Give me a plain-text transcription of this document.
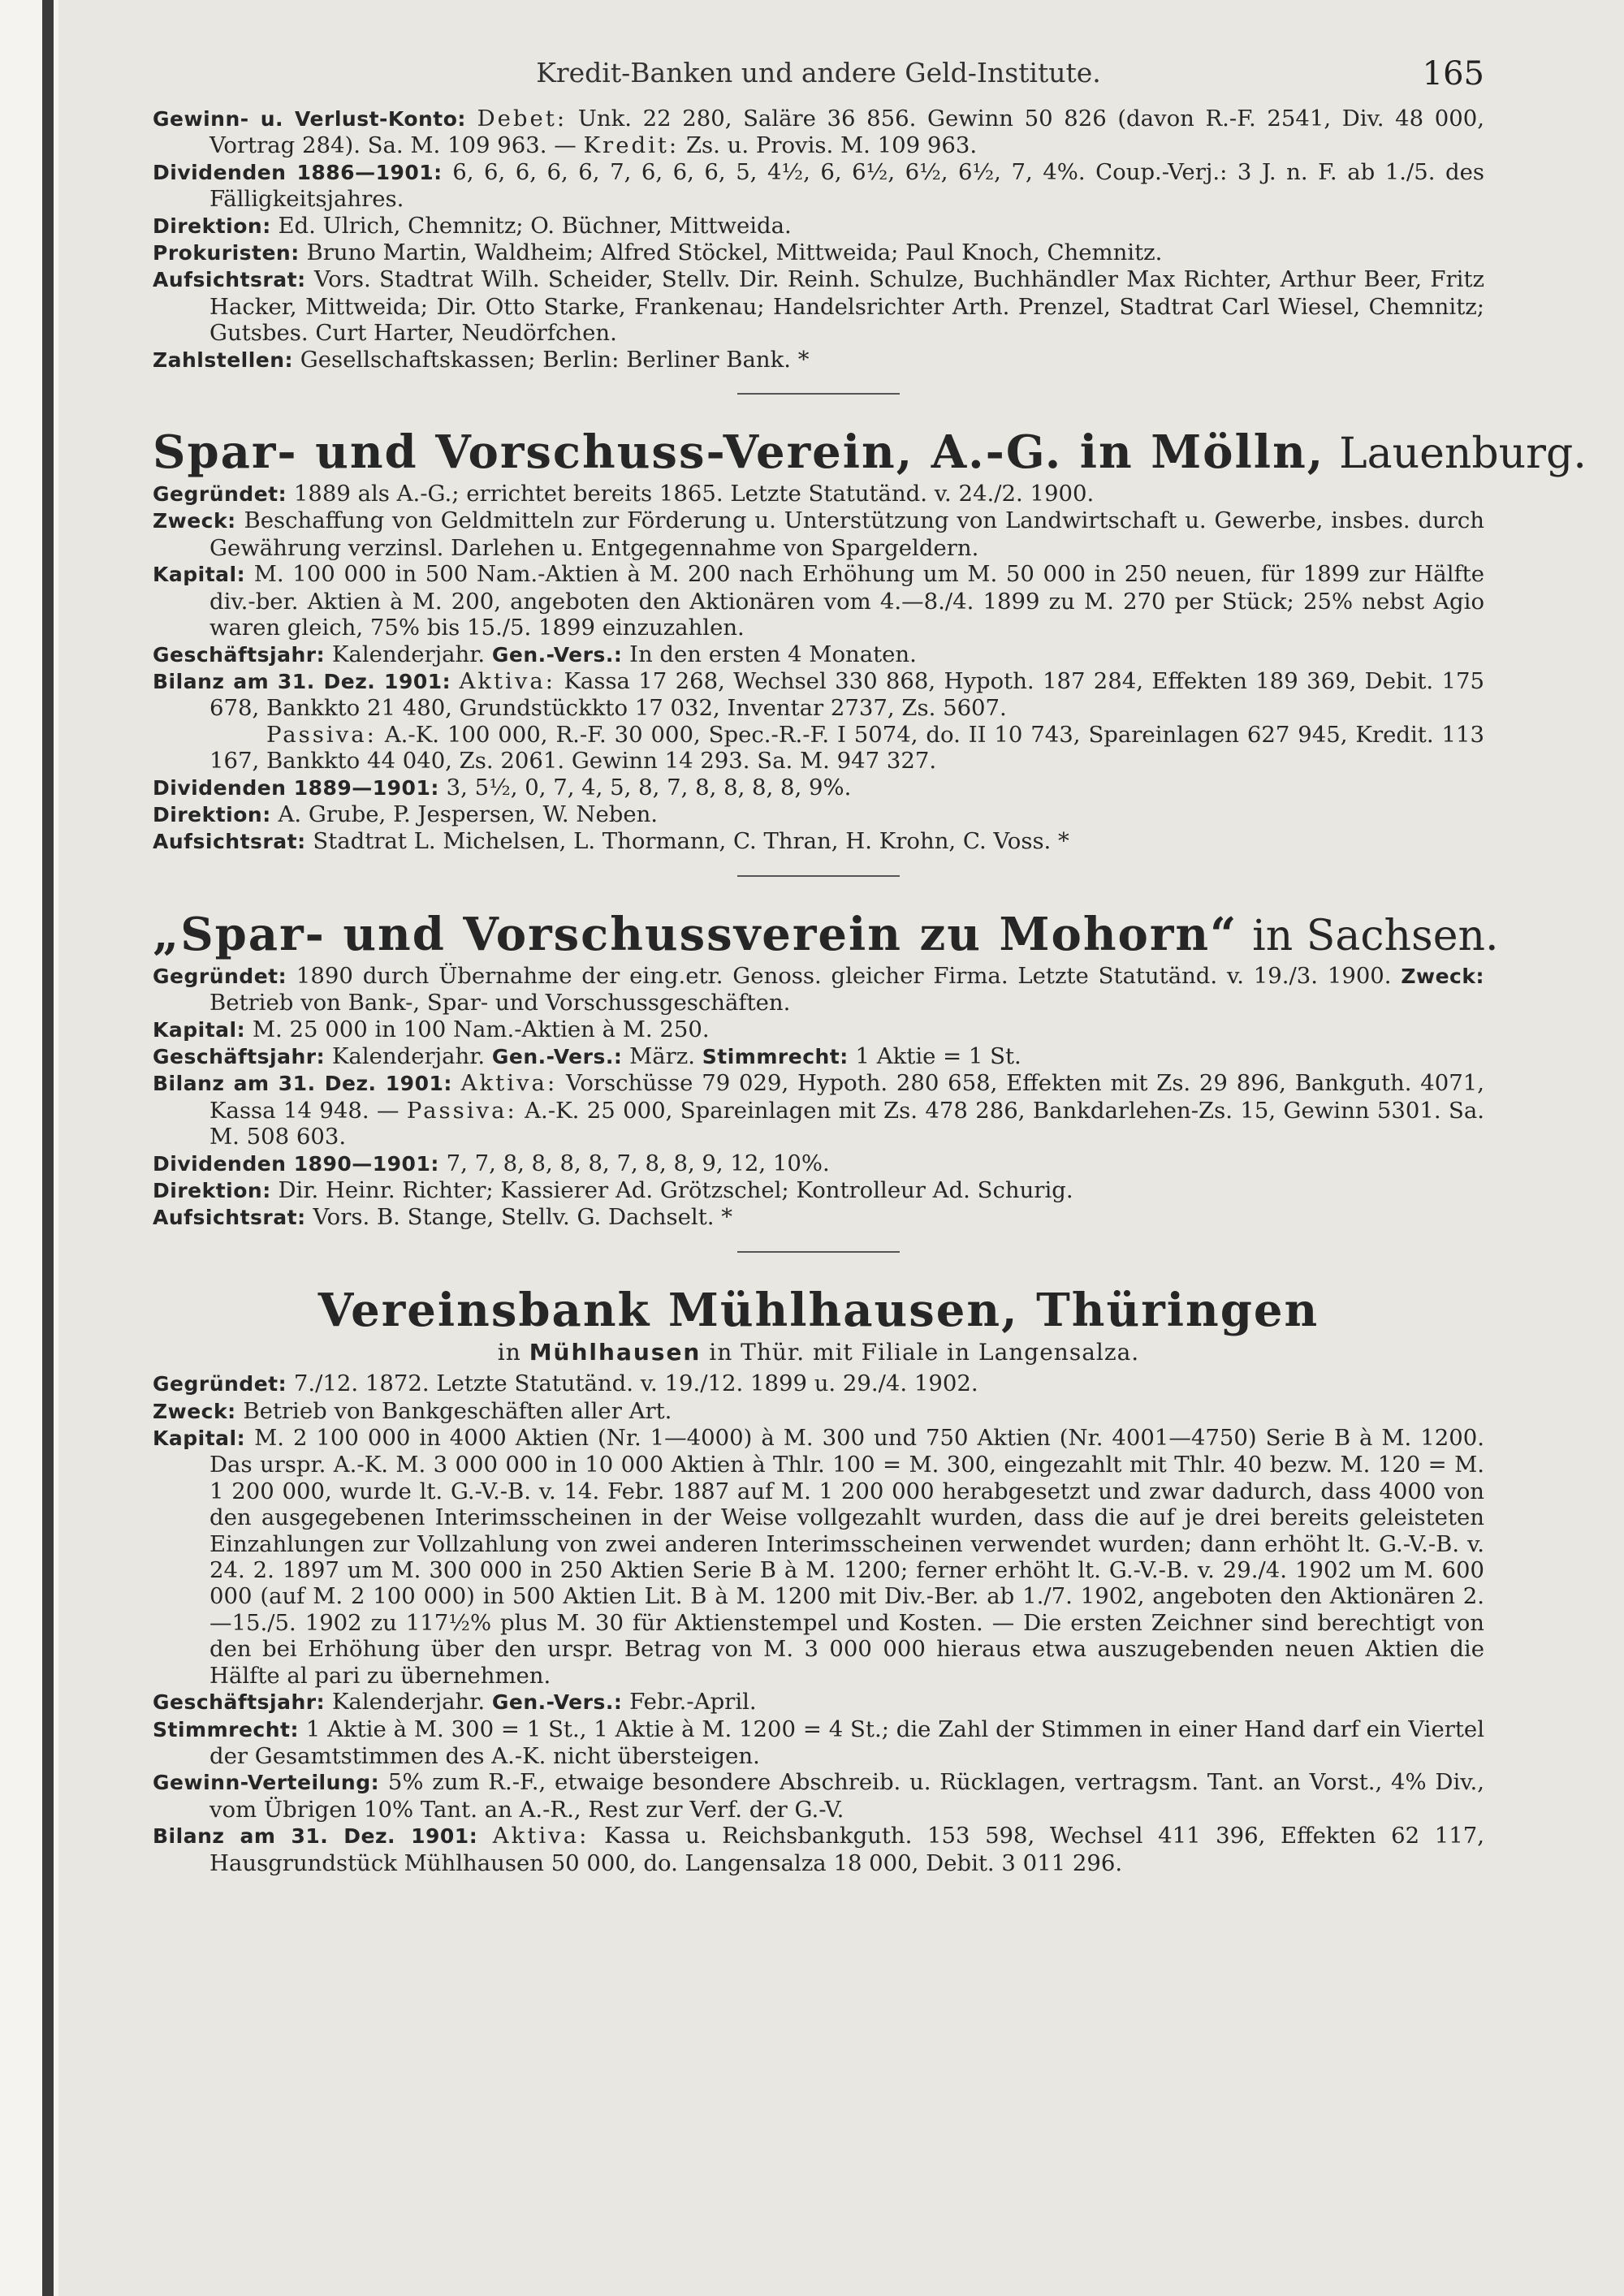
Kredit-Banken und andere Geld-Institute.	165

Gewinn- u. Verlust-Konto: Debet: Unk. 22 280, Saläre 36 856. Gewinn 50 826 (davon R.-F. 2541, Div. 48 000, Vortrag 284). Sa. M. 109 963. — Kredit: Zs. u. Provis. M. 109 963.

Dividenden 1886—1901: 6, 6, 6, 6, 6, 7, 6, 6, 6, 5, 4½, 6, 6½, 6½, 6½, 7, 4%. Coup.-Verj.: 3 J. n. F. ab 1./5. des Fälligkeitsjahres.

Direktion: Ed. Ulrich, Chemnitz; O. Büchner, Mittweida.

Prokuristen: Bruno Martin, Waldheim; Alfred Stöckel, Mittweida; Paul Knoch, Chemnitz.

Aufsichtsrat: Vors. Stadtrat Wilh. Scheider, Stellv. Dir. Reinh. Schulze, Buchhändler Max Richter, Arthur Beer, Fritz Hacker, Mittweida; Dir. Otto Starke, Frankenau; Handelsrichter Arth. Prenzel, Stadtrat Carl Wiesel, Chemnitz; Gutsbes. Curt Harter, Neudörfchen.

Zahlstellen: Gesellschaftskassen; Berlin: Berliner Bank. *

Spar- und Vorschuss-Verein, A.-G. in Mölln, Lauenburg.

Gegründet: 1889 als A.-G.; errichtet bereits 1865. Letzte Statutänd. v. 24./2. 1900.

Zweck: Beschaffung von Geldmitteln zur Förderung u. Unterstützung von Landwirtschaft u. Gewerbe, insbes. durch Gewährung verzinsl. Darlehen u. Entgegennahme von Spargeldern.

Kapital: M. 100 000 in 500 Nam.-Aktien à M. 200 nach Erhöhung um M. 50 000 in 250 neuen, für 1899 zur Hälfte div.-ber. Aktien à M. 200, angeboten den Aktionären vom 4.—8./4. 1899 zu M. 270 per Stück; 25% nebst Agio waren gleich, 75% bis 15./5. 1899 einzuzahlen.

Geschäftsjahr: Kalenderjahr. Gen.-Vers.: In den ersten 4 Monaten.

Bilanz am 31. Dez. 1901: Aktiva: Kassa 17 268, Wechsel 330 868, Hypoth. 187 284, Effekten 189 369, Debit. 175 678, Bankkto 21 480, Grundstückkto 17 032, Inventar 2737, Zs. 5607.

Passiva: A.-K. 100 000, R.-F. 30 000, Spec.-R.-F. I 5074, do. II 10 743, Spareinlagen 627 945, Kredit. 113 167, Bankkto 44 040, Zs. 2061. Gewinn 14 293. Sa. M. 947 327.

Dividenden 1889—1901: 3, 5½, 0, 7, 4, 5, 8, 7, 8, 8, 8, 8, 9%.

Direktion: A. Grube, P. Jespersen, W. Neben.

Aufsichtsrat: Stadtrat L. Michelsen, L. Thormann, C. Thran, H. Krohn, C. Voss. *

„Spar- und Vorschussverein zu Mohorn“ in Sachsen.

Gegründet: 1890 durch Übernahme der eing.etr. Genoss. gleicher Firma. Letzte Statutänd. v. 19./3. 1900. Zweck: Betrieb von Bank-, Spar- und Vorschussgeschäften.

Kapital: M. 25 000 in 100 Nam.-Aktien à M. 250.

Geschäftsjahr: Kalenderjahr. Gen.-Vers.: März. Stimmrecht: 1 Aktie = 1 St.

Bilanz am 31. Dez. 1901: Aktiva: Vorschüsse 79 029, Hypoth. 280 658, Effekten mit Zs. 29 896, Bankguth. 4071, Kassa 14 948. — Passiva: A.-K. 25 000, Spareinlagen mit Zs. 478 286, Bankdarlehen-Zs. 15, Gewinn 5301. Sa. M. 508 603.

Dividenden 1890—1901: 7, 7, 8, 8, 8, 8, 7, 8, 8, 9, 12, 10%.

Direktion: Dir. Heinr. Richter; Kassierer Ad. Grötzschel; Kontrolleur Ad. Schurig.

Aufsichtsrat: Vors. B. Stange, Stellv. G. Dachselt. *

Vereinsbank Mühlhausen, Thüringen
in Mühlhausen in Thür. mit Filiale in Langensalza.

Gegründet: 7./12. 1872. Letzte Statutänd. v. 19./12. 1899 u. 29./4. 1902.

Zweck: Betrieb von Bankgeschäften aller Art.

Kapital: M. 2 100 000 in 4000 Aktien (Nr. 1—4000) à M. 300 und 750 Aktien (Nr. 4001—4750) Serie B à M. 1200. Das urspr. A.-K. M. 3 000 000 in 10 000 Aktien à Thlr. 100 = M. 300, eingezahlt mit Thlr. 40 bezw. M. 120 = M. 1 200 000, wurde lt. G.-V.-B. v. 14. Febr. 1887 auf M. 1 200 000 herabgesetzt und zwar dadurch, dass 4000 von den ausgegebenen Interimsscheinen in der Weise vollgezahlt wurden, dass die auf je drei bereits geleisteten Einzahlungen zur Vollzahlung von zwei anderen Interimsscheinen verwendet wurden; dann erhöht lt. G.-V.-B. v. 24. 2. 1897 um M. 300 000 in 250 Aktien Serie B à M. 1200; ferner erhöht lt. G.-V.-B. v. 29./4. 1902 um M. 600 000 (auf M. 2 100 000) in 500 Aktien Lit. B à M. 1200 mit Div.-Ber. ab 1./7. 1902, angeboten den Aktionären 2.—15./5. 1902 zu 117½% plus M. 30 für Aktienstempel und Kosten. — Die ersten Zeichner sind berechtigt von den bei Erhöhung über den urspr. Betrag von M. 3 000 000 hieraus etwa auszugebenden neuen Aktien die Hälfte al pari zu übernehmen.

Geschäftsjahr: Kalenderjahr. Gen.-Vers.: Febr.-April.

Stimmrecht: 1 Aktie à M. 300 = 1 St., 1 Aktie à M. 1200 = 4 St.; die Zahl der Stimmen in einer Hand darf ein Viertel der Gesamtstimmen des A.-K. nicht übersteigen.

Gewinn-Verteilung: 5% zum R.-F., etwaige besondere Abschreib. u. Rücklagen, vertragsm. Tant. an Vorst., 4% Div., vom Übrigen 10% Tant. an A.-R., Rest zur Verf. der G.-V.

Bilanz am 31. Dez. 1901: Aktiva: Kassa u. Reichsbankguth. 153 598, Wechsel 411 396, Effekten 62 117, Hausgrundstück Mühlhausen 50 000, do. Langensalza 18 000, Debit. 3 011 296.
